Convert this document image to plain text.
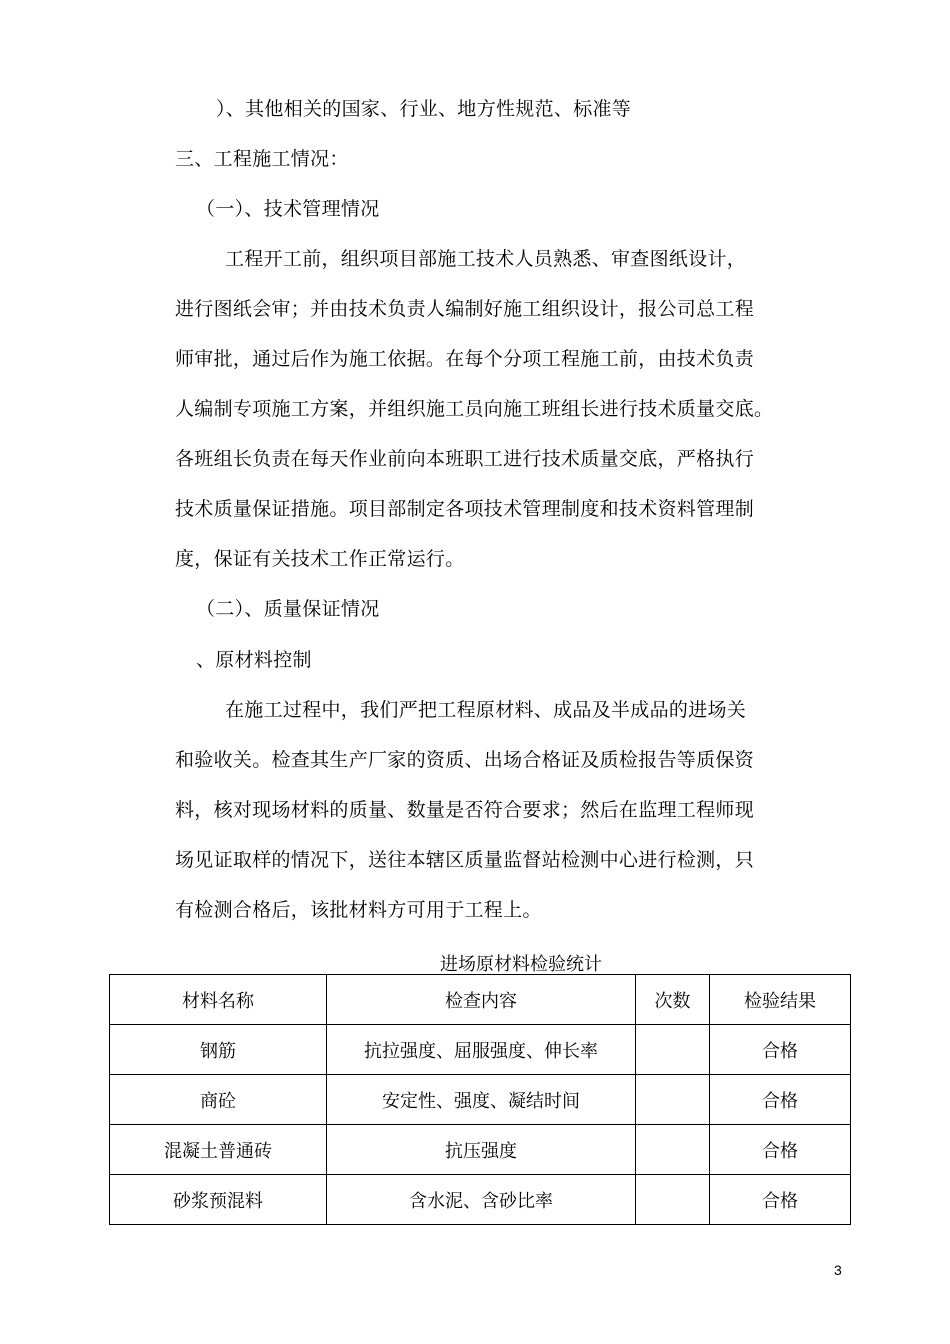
）、其他相关的国家、行业、地方性规范、标准等
三、工程施工情况：
（一）、技术管理情况
工程开工前，组织项目部施工技术人员熟悉、审查图纸设计，
进行图纸会审；并由技术负责人编制好施工组织设计，报公司总工程
师审批，通过后作为施工依据。在每个分项工程施工前，由技术负责
人编制专项施工方案，并组织施工员向施工班组长进行技术质量交底。
各班组长负责在每天作业前向本班职工进行技术质量交底，严格执行
技术质量保证措施。项目部制定各项技术管理制度和技术资料管理制
度，保证有关技术工作正常运行。
（二）、质量保证情况
、原材料控制
在施工过程中，我们严把工程原材料、成品及半成品的进场关
和验收关。检查其生产厂家的资质、出场合格证及质检报告等质保资
料，核对现场材料的质量、数量是否符合要求；然后在监理工程师现
场见证取样的情况下，送往本辖区质量监督站检测中心进行检测，只
有检测合格后，该批材料方可用于工程上。
进场原材料检验统计
材料名称	检查内容	次数	检验结果
钢筋	抗拉强度、屈服强度、伸长率		合格
商砼	安定性、强度、凝结时间		合格
混凝土普通砖	抗压强度		合格
砂浆预混料	含水泥、含砂比率		合格
3
